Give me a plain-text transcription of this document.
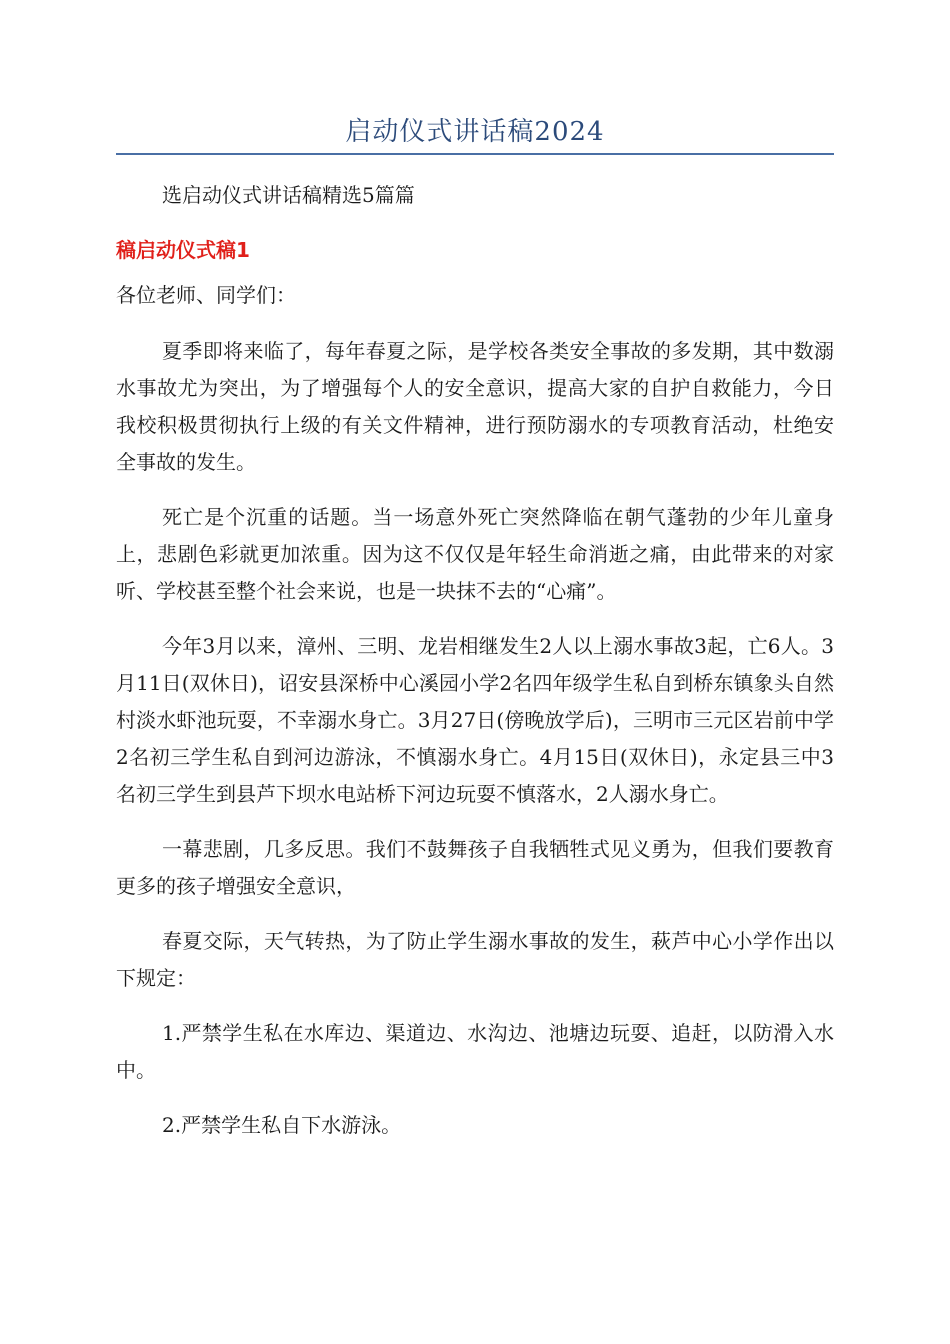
启动仪式讲话稿2024
选启动仪式讲话稿精选5篇篇
稿启动仪式稿1
各位老师、同学们：

夏季即将来临了，每年春夏之际，是学校各类安全事故的多发期，其中数溺水事故尤为突出，为了增强每个人的安全意识，提高大家的自护自救能力，今日我校积极贯彻执行上级的有关文件精神，进行预防溺水的专项教育活动，杜绝安全事故的发生。

死亡是个沉重的话题。当一场意外死亡突然降临在朝气蓬勃的少年儿童身上，悲剧色彩就更加浓重。因为这不仅仅是年轻生命消逝之痛，由此带来的对家听、学校甚至整个社会来说，也是一块抹不去的“心痛”。

今年3月以来，漳州、三明、龙岩相继发生2人以上溺水事故3起，亡6人。3月11日(双休日)，诏安县深桥中心溪园小学2名四年级学生私自到桥东镇象头自然村淡水虾池玩耍，不幸溺水身亡。3月27日(傍晚放学后)，三明市三元区岩前中学2名初三学生私自到河边游泳，不慎溺水身亡。4月15日(双休日)，永定县三中3名初三学生到县芦下坝水电站桥下河边玩耍不慎落水，2人溺水身亡。

一幕悲剧，几多反思。我们不鼓舞孩子自我牺牲式见义勇为，但我们要教育更多的孩子增强安全意识，

春夏交际，天气转热，为了防止学生溺水事故的发生，萩芦中心小学作出以下规定：

1.严禁学生私在水库边、渠道边、水沟边、池塘边玩耍、追赶，以防滑入水中。

2.严禁学生私自下水游泳。
